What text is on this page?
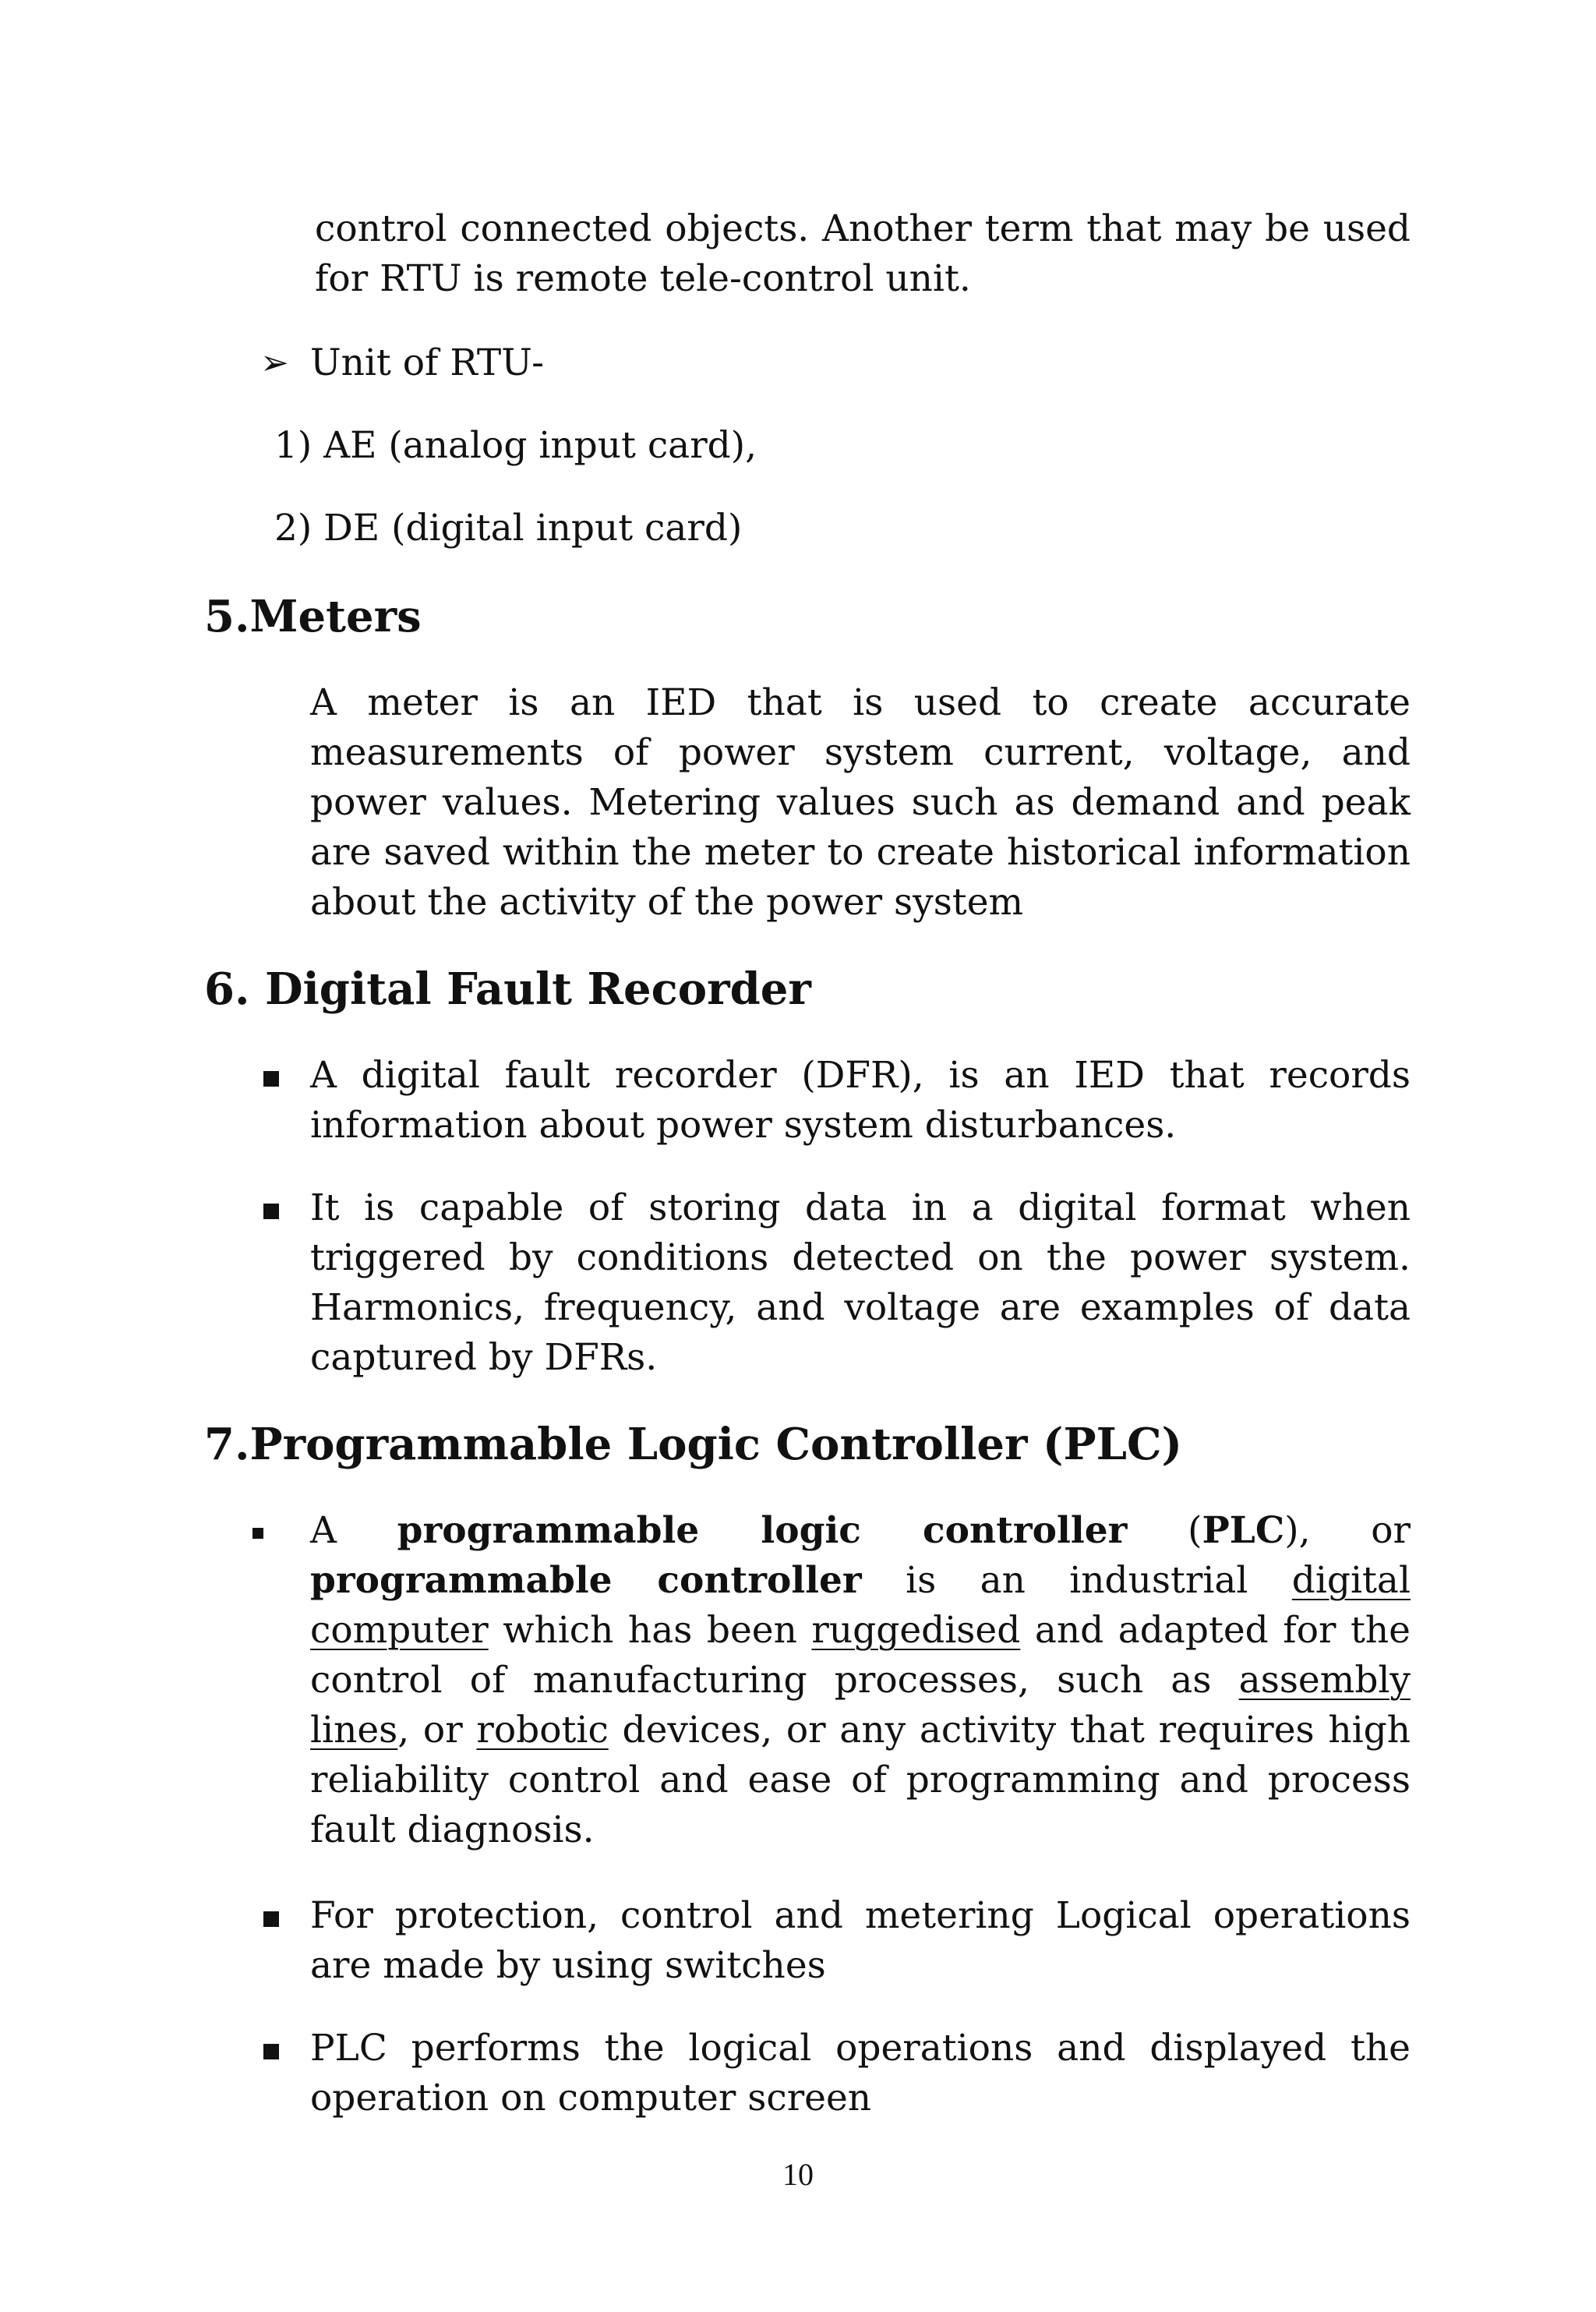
control connected objects. Another term that may be used for RTU is remote tele-control unit.

➢ Unit of RTU-

1) AE (analog input card),

2) DE (digital input card)

5.Meters

A meter is an IED that is used to create accurate measurements of power system current, voltage, and power values. Metering values such as demand and peak are saved within the meter to create historical information about the activity of the power system

6. Digital Fault Recorder

A digital fault recorder (DFR), is an IED that records information about power system disturbances.

It is capable of storing data in a digital format when triggered by conditions detected on the power system. Harmonics, frequency, and voltage are examples of data captured by DFRs.

7.Programmable Logic Controller (PLC)

A programmable logic controller (PLC), or programmable controller is an industrial digital computer which has been ruggedised and adapted for the control of manufacturing processes, such as assembly lines, or robotic devices, or any activity that requires high reliability control and ease of programming and process fault diagnosis.

For protection, control and metering Logical operations are made by using switches

PLC performs the logical operations and displayed the operation on computer screen

10
